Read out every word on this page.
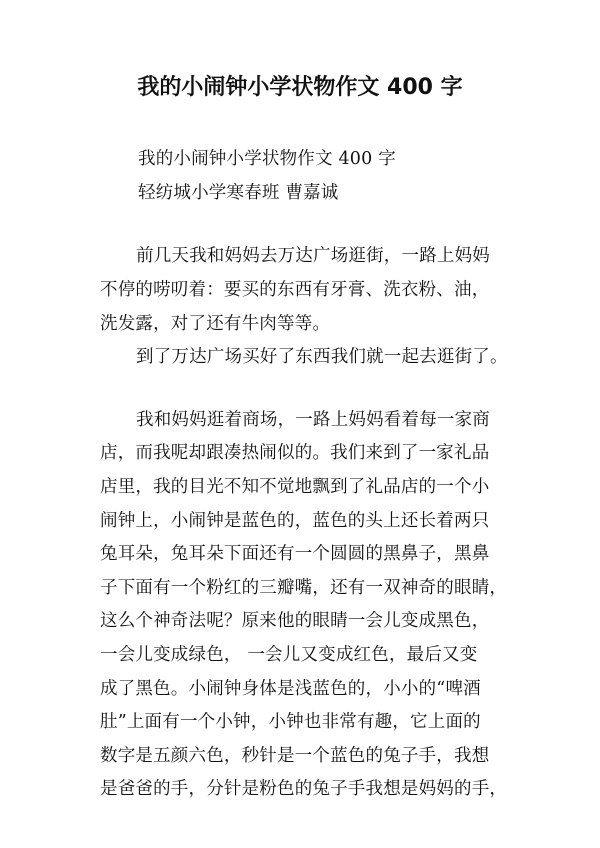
我的小闹钟小学状物作文 400 字
我的小闹钟小学状物作文 400 字
轻纺城小学寒春班 曹嘉诚
前几天我和妈妈去万达广场逛街，一路上妈妈
不停的唠叨着：要买的东西有牙膏、洗衣粉、油，
洗发露，对了还有牛肉等等。
到了万达广场买好了东西我们就一起去逛街了。
我和妈妈逛着商场，一路上妈妈看着每一家商
店，而我呢却跟凑热闹似的。我们来到了一家礼品
店里，我的目光不知不觉地飘到了礼品店的一个小
闹钟上，小闹钟是蓝色的，蓝色的头上还长着两只
兔耳朵，兔耳朵下面还有一个圆圆的黑鼻子，黑鼻
子下面有一个粉红的三瓣嘴，还有一双神奇的眼睛，
这么个神奇法呢？原来他的眼睛一会儿变成黑色，
一会儿变成绿色， 一会儿又变成红色，最后又变
成了黑色。小闹钟身体是浅蓝色的，小小的“啤酒
肚”上面有一个小钟，小钟也非常有趣，它上面的
数字是五颜六色，秒针是一个蓝色的兔子手，我想
是爸爸的手，分针是粉色的兔子手我想是妈妈的手，
